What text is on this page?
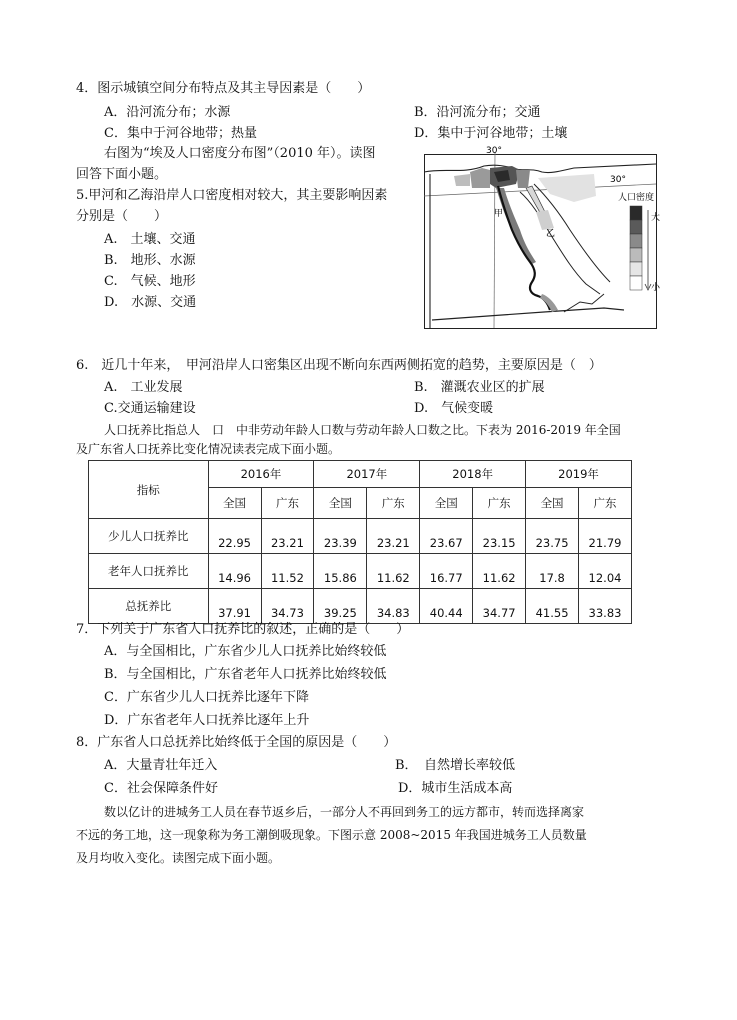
4．图示城镇空间分布特点及其主导因素是（　　）
A．沿河流分布；水源	B．沿河流分布；交通
C．集中于河谷地带；热量	D．集中于河谷地带；土壤
右图为“埃及人口密度分布图”（2010 年）。读图
回答下面小题。
5.甲河和乙海沿岸人口密度相对较大，其主要影响因素
分别是（　　）
A.　土壤、交通
B.　地形、水源
C.　气候、地形
D.　水源、交通
30°
30°
甲
乙
人口密度
大
小
6.　近几十年来，　甲河沿岸人口密集区出现不断向东西两侧拓宽的趋势，主要原因是（　）
A.　工业发展	B.　灌溉农业区的扩展
C.交通运输建设	D.　气候变暖
人口抚养比指总人　口　中非劳动年龄人口数与劳动年龄人口数之比。下表为 2016-2019 年全国
及广东省人口抚养比变化情况读表完成下面小题。
指标	2016年		2017年		2018年		2019年	
	全国	广东	全国	广东	全国	广东	全国	广东
少儿人口抚养比	22.95	23.21	23.39	23.21	23.67	23.15	23.75	21.79
老年人口抚养比	14.96	11.52	15.86	11.62	16.77	11.62	17.8	12.04
总抚养比	37.91	34.73	39.25	34.83	40.44	34.77	41.55	33.83
7．下列关于广东省人口抚养比的叙述，正确的是（　　）
A．与全国相比，广东省少儿人口抚养比始终较低
B．与全国相比，广东省老年人口抚养比始终较低
C．广东省少儿人口抚养比逐年下降
D．广东省老年人口抚养比逐年上升
8．广东省人口总抚养比始终低于全国的原因是（　　）
A．大量青壮年迁入	B．　自然增长率较低
C．社会保障条件好	D．城市生活成本高
数以亿计的进城务工人员在春节返乡后，一部分人不再回到务工的远方都市，转而选择离家
不远的务工地，这一现象称为务工潮倒吸现象。下图示意 2008~2015 年我国进城务工人员数量
及月均收入变化。读图完成下面小题。
